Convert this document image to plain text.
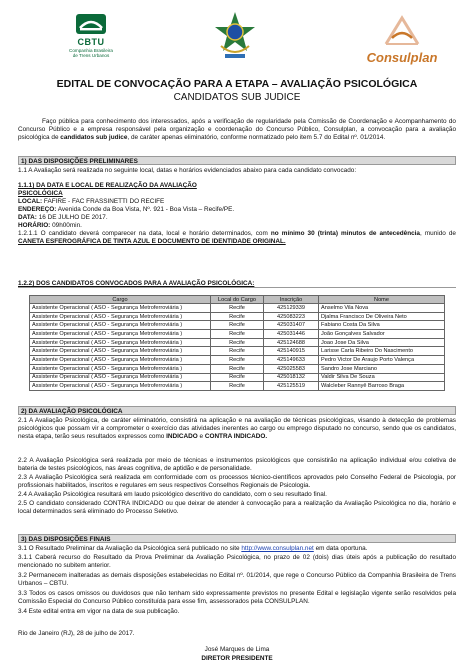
CBTU
Companhia Brasileira
de Trens Urbanos	Consulplan
EDITAL DE CONVOCAÇÃO PARA A ETAPA – AVALIAÇÃO PSICOLÓGICA
CANDIDATOS SUB JUDICE
Faço pública para conhecimento dos interessados, após a verificação de regularidade pela Comissão de Coordenação e Acompanhamento do Concurso Público e a empresa responsável pela organização e coordenação do Concurso Público, Consulplan, a convocação para a avaliação psicológica de candidatos sub judice, de caráter apenas eliminatório, conforme normatizado pelo item 5.7 do Edital nº. 01/2014.
1) DAS DISPOSIÇÕES PRELIMINARES
1.1 A Avaliação será realizada no seguinte local, datas e horários evidenciados abaixo para cada candidato convocado:
1.1.1) DA DATA E LOCAL DE REALIZAÇÃO DA AVALIAÇÃO
PSICOLÓGICA
LOCAL: FAFIRE - FAC FRASSINETTI DO RECIFE
ENDEREÇO: Avenida Conde da Boa Vista, Nº. 921 - Boa Vista – Recife/PE.
DATA: 16 DE JULHO DE 2017.
HORÁRIO: 09h00min.
1.2.1.1 O candidato deverá comparecer na data, local e horário determinados, com no mínimo 30 (trinta) minutos de antecedência, munido de CANETA ESFEROGRÁFICA DE TINTA AZUL E DOCUMENTO DE IDENTIDADE ORIGINAL.
1.2.2) DOS CANDIDATOS CONVOCADOS PARA A AVALIAÇÃO PSICOLÓGICA:
Cargo	Local do Cargo	Inscrição	Nome
Assistente Operacional ( ASO - Segurança Metroferroviária )	Recife	425129339	Anselmo Vila Nova
Assistente Operacional ( ASO - Segurança Metroferroviária )	Recife	425083223	Djalma Francisco De Oliveira Neto
Assistente Operacional ( ASO - Segurança Metroferroviária )	Recife	425031407	Fabiano Costa Da Silva
Assistente Operacional ( ASO - Segurança Metroferroviária )	Recife	425031446	João Gonçalves Salvador
Assistente Operacional ( ASO - Segurança Metroferroviária )	Recife	425124688	Joao Jose Da Silva
Assistente Operacional ( ASO - Segurança Metroferroviária )	Recife	425140915	Larisse Carla Ribeiro Do Nascimento
Assistente Operacional ( ASO - Segurança Metroferroviária )	Recife	425149633	Pedro Victor De Araujo Porto Valença
Assistente Operacional ( ASO - Segurança Metroferroviária )	Recife	425025583	Sandro Jose Marciano
Assistente Operacional ( ASO - Segurança Metroferroviária )	Recife	425018132	Valdir Silva De Souza
Assistente Operacional ( ASO - Segurança Metroferroviária )	Recife	425125519	Walcleber Rannyê Barroso Braga
2) DA AVALIAÇÃO PSICOLÓGICA
2.1 A Avaliação Psicológica, de caráter eliminatório, consistirá na aplicação e na avaliação de técnicas psicológicas, visando à detecção de problemas psicológicos que possam vir a comprometer o exercício das atividades inerentes ao cargo ou emprego disputado no concurso, sendo que os candidatos, nesta etapa, terão seus resultados expressos como INDICADO e CONTRA INDICADO.
2.2 A Avaliação Psicológica será realizada por meio de técnicas e instrumentos psicológicos que consistirão na aplicação individual e/ou coletiva de bateria de testes psicológicos, nas áreas cognitiva, de aptidão e de personalidade.
2.3 A Avaliação Psicológica será realizada em conformidade com os processos técnico-científicos aprovados pelo Conselho Federal de Psicologia, por profissionais habilitados, inscritos e regulares em seus respectivos Conselhos Regionais de Psicologia.
2.4 A Avaliação Psicológica resultará em laudo psicológico descritivo do candidato, com o seu resultado final.
2.5 O candidato considerado CONTRA INDICADO ou que deixar de atender à convocação para a realização da Avaliação Psicológica no dia, horário e local determinados será eliminado do Processo Seletivo.
3) DAS DISPOSIÇÕES FINAIS
3.1 O Resultado Preliminar da Avaliação da Psicológica será publicado no site http://www.consulplan.net em data oportuna.
3.1.1 Caberá recurso do Resultado da Prova Preliminar da Avaliação Psicológica, no prazo de 02 (dois) dias úteis após a publicação do resultado mencionado no subitem anterior.
3.2 Permanecem inalteradas as demais disposições estabelecidas no Edital nº. 01/2014, que rege o Concurso Público da Companhia Brasileira de Trens Urbanos – CBTU.
3.3 Todos os casos omissos ou duvidosos que não tenham sido expressamente previstos no presente Edital e legislação vigente serão resolvidos pela Comissão Especial do Concurso Público constituída para esse fim, assessorados pela CONSULPLAN.
3.4 Este edital entra em vigor na data de sua publicação.
Rio de Janeiro (RJ), 28 de julho de 2017.
José Marques de Lima
DIRETOR PRESIDENTE
